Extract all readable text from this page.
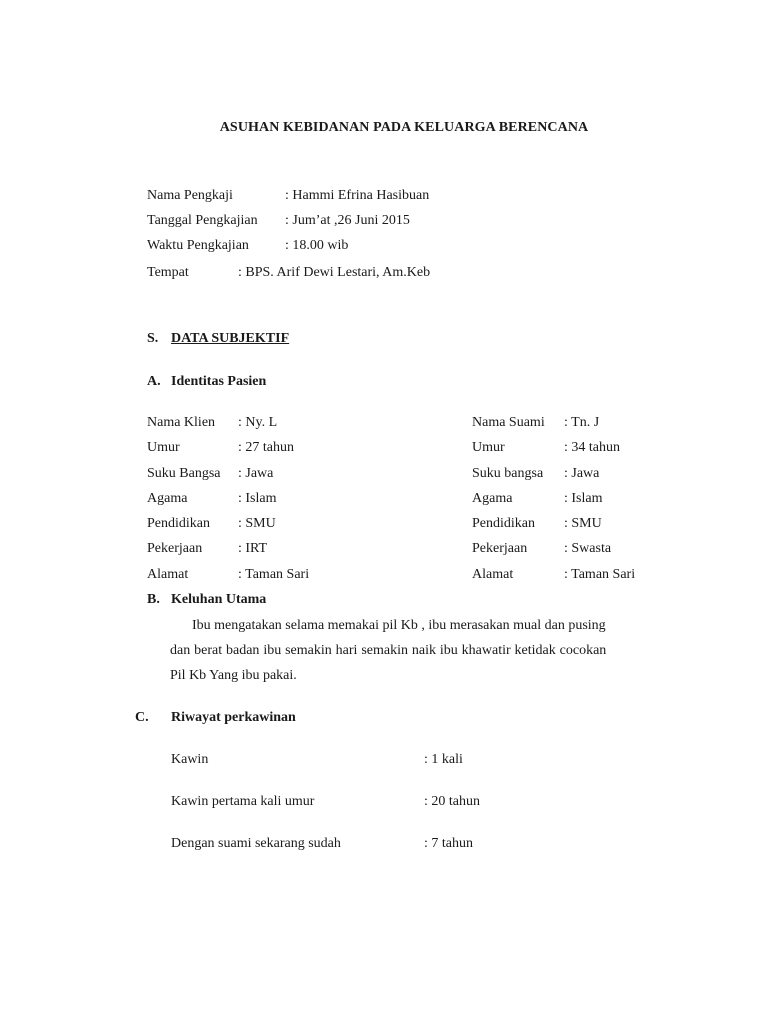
ASUHAN KEBIDANAN PADA KELUARGA BERENCANA
Nama Pengkaji	: Hammi Efrina Hasibuan
Tanggal Pengkajian : Jum’at ,26 Juni 2015
Waktu Pengkajian	: 18.00 wib
Tempat	: BPS. Arif Dewi Lestari, Am.Keb
S. DATA SUBJEKTIF
A. Identitas Pasien
Nama Klien : Ny. L
Umur	: 27 tahun
Suku Bangsa : Jawa
Agama	: Islam
Pendidikan : SMU
Pekerjaan	: IRT
Alamat	: Taman Sari
Nama Suami : Tn. J
Umur	: 34 tahun
Suku bangsa : Jawa
Agama	: Islam
Pendidikan : SMU
Pekerjaan	: Swasta
Alamat	: Taman Sari
B. Keluhan Utama
Ibu mengatakan selama memakai pil Kb , ibu merasakan mual dan pusing
dan berat badan ibu semakin hari semakin naik ibu khawatir ketidak cocokan
Pil Kb Yang ibu pakai.
C. Riwayat perkawinan
Kawin	: 1 kali
Kawin pertama kali umur	: 20 tahun
Dengan suami sekarang sudah	: 7 tahun
